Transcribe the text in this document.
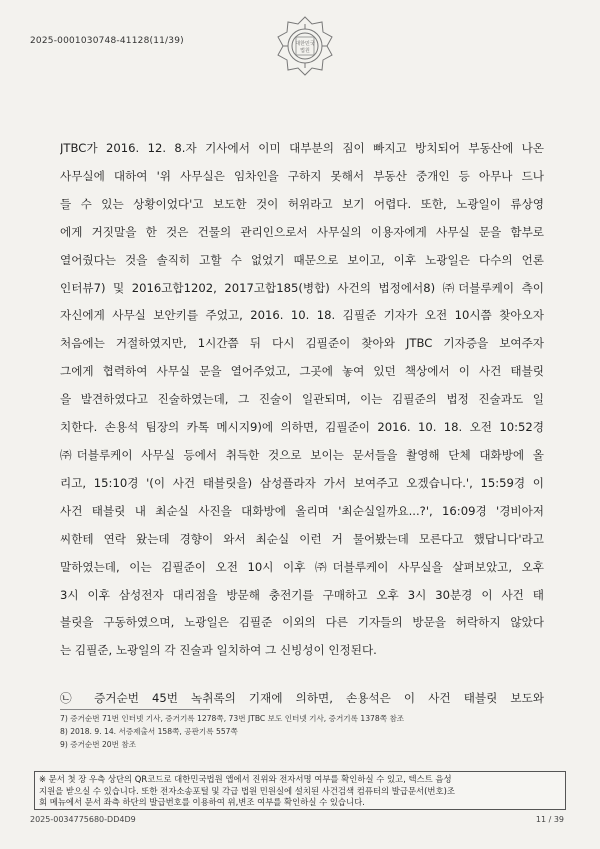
2025-0001030748-41128(11/39)	대한민국
법원
JTBC가 2016. 12. 8.자 기사에서 이미 대부분의 짐이 빠지고 방치되어 부동산에 나온
사무실에 대하여 '위 사무실은 임차인을 구하지 못해서 부동산 중개인 등 아무나 드나
들 수 있는 상황이었다'고 보도한 것이 허위라고 보기 어렵다. 또한, 노광일이 류상영
에게 거짓말을 한 것은 건물의 관리인으로서 사무실의 이용자에게 사무실 문을 함부로
열어줬다는 것을 솔직히 고할 수 없었기 때문으로 보이고, 이후 노광일은 다수의 언론
인터뷰7) 및 2016고합1202, 2017고합185(병합) 사건의 법정에서8) ㈜더블루케이 측이
자신에게 사무실 보안키를 주었고, 2016. 10. 18. 김필준 기자가 오전 10시쯤 찾아오자
처음에는 거절하였지만, 1시간쯤 뒤 다시 김필준이 찾아와 JTBC 기자증을 보여주자
그에게 협력하여 사무실 문을 열어주었고, 그곳에 놓여 있던 책상에서 이 사건 태블릿
을 발견하였다고 진술하였는데, 그 진술이 일관되며, 이는 김필준의 법정 진술과도 일
치한다. 손용석 팀장의 카톡 메시지9)에 의하면, 김필준이 2016. 10. 18. 오전 10:52경
㈜더블루케이 사무실 등에서 취득한 것으로 보이는 문서들을 촬영해 단체 대화방에 올
리고, 15:10경 '(이 사건 태블릿을) 삼성플라자 가서 보여주고 오겠습니다.', 15:59경 이
사건 태블릿 내 최순실 사진을 대화방에 올리며 '최순실일까요...?', 16:09경 '경비아저
씨한테 연락 왔는데 경향이 와서 최순실 이런 거 물어봤는데 모른다고 했답니다'라고
말하였는데, 이는 김필준이 오전 10시 이후 ㈜더블루케이 사무실을 살펴보았고, 오후
3시 이후 삼성전자 대리점을 방문해 충전기를 구매하고 오후 3시 30분경 이 사건 태
블릿을 구동하였으며, 노광일은 김필준 이외의 다른 기자들의 방문을 허락하지 않았다
는 김필준, 노광일의 각 진술과 일치하여 그 신빙성이 인정된다.
㉡ 증거순번 45번 녹취록의 기재에 의하면, 손용석은 이 사건 태블릿 보도와
7) 증거순번 71번 인터넷 기사, 증거기록 1278쪽, 73번 JTBC 보도 인터넷 기사, 증거기록 1378쪽 참조
8) 2018. 9. 14. 서증제출서 158쪽, 공판기록 557쪽
9) 증거순번 20번 참조
※ 문서 첫 장 우측 상단의 QR코드로 대한민국법원 앱에서 진위와 전자서명 여부를 확인하실 수 있고, 텍스트 음성
지원을 받으실 수 있습니다. 또한 전자소송포털 및 각급 법원 민원실에 설치된 사건검색 컴퓨터의 발급문서(번호)조
회 메뉴에서 문서 좌측 하단의 발급번호를 이용하여 위,변조 여부를 확인하실 수 있습니다.
2025-0034775680-DD4D9	11 / 39
